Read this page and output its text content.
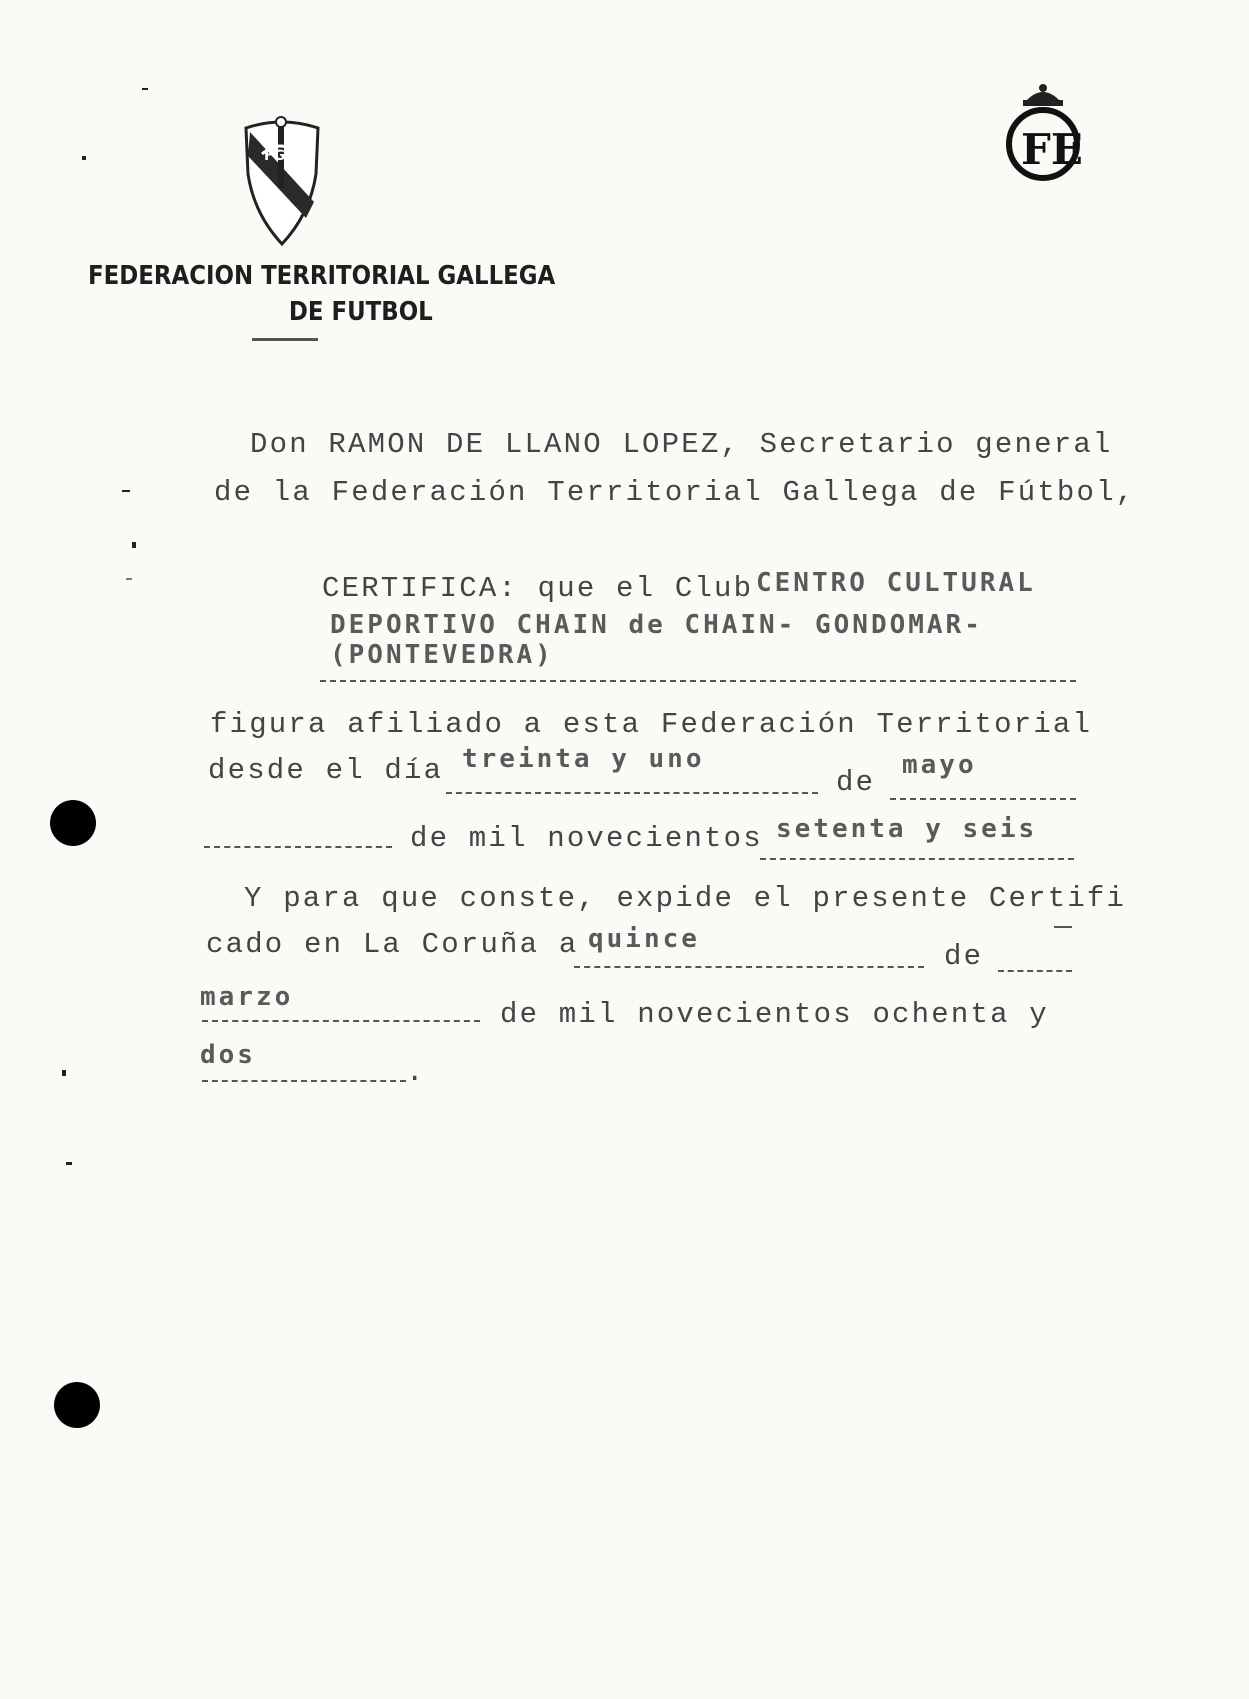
FGF	FE
FEDERACION TERRITORIAL GALLEGA
DE FUTBOL
Don RAMON DE LLANO LOPEZ, Secretario general
de la Federación Territorial Gallega de Fútbol,
CERTIFICA: que el Club CENTRO CULTURAL
DEPORTIVO CHAIN de CHAIN- GONDOMAR-
(PONTEVEDRA)
figura afiliado a esta Federación Territorial
desde el día treinta y uno
de
mayo
de mil novecientos setenta y seis
Y para que conste, expide el presente Certifi
cado en La Coruña a quince
de
marzo
de mil novecientos ochenta y
dos
.
